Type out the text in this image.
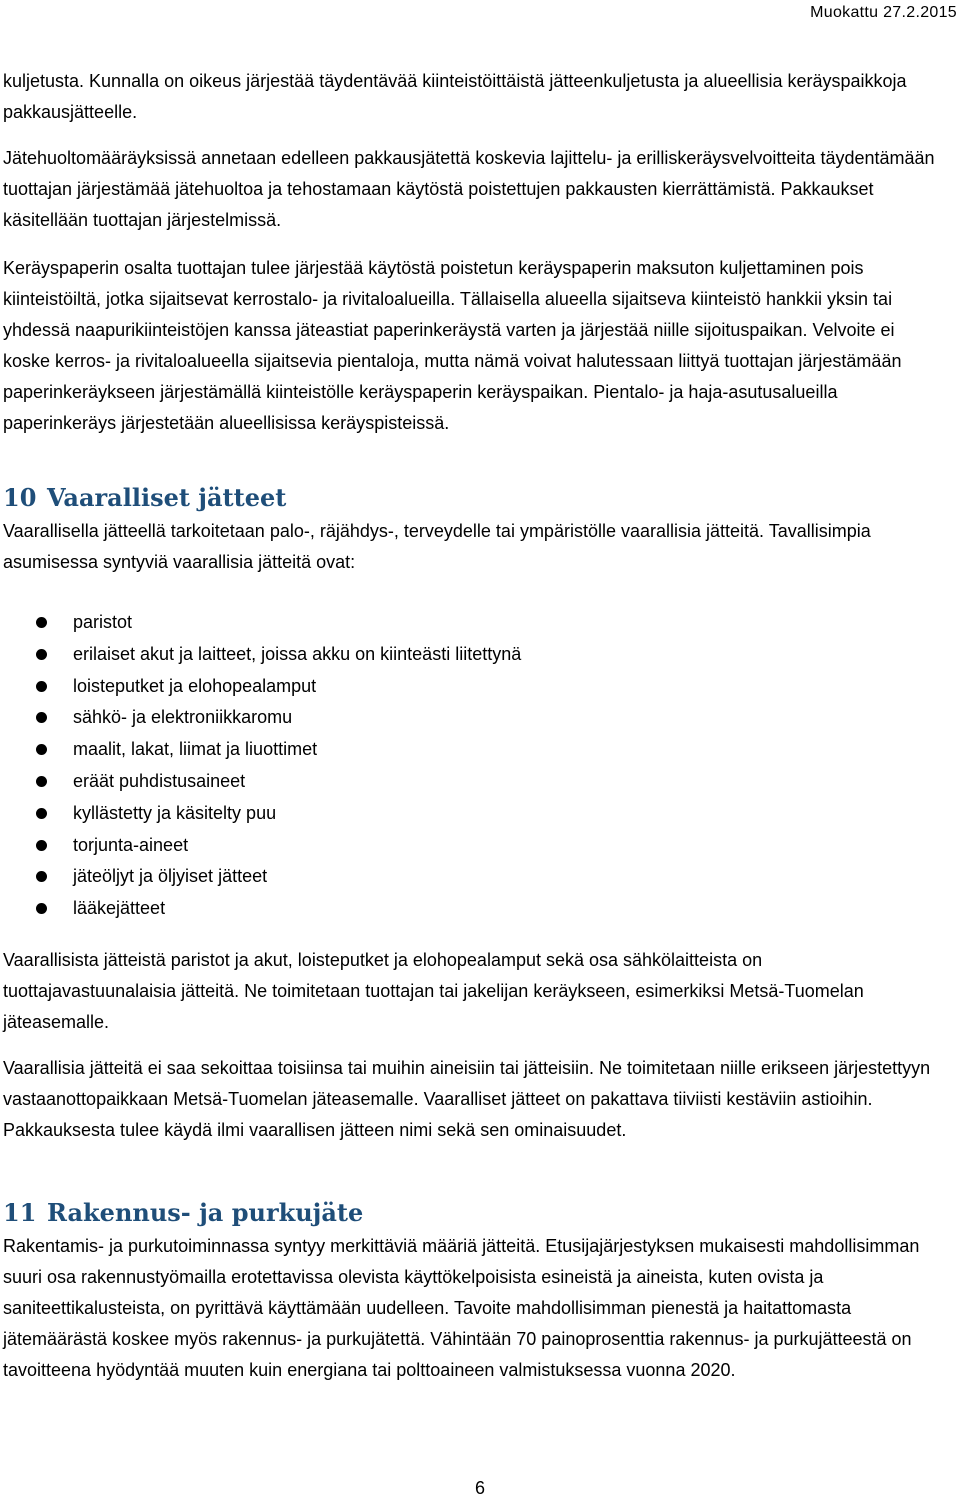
Muokattu 27.2.2015

kuljetusta. Kunnalla on oikeus järjestää täydentävää kiinteistöittäistä jätteenkuljetusta ja alueellisia keräyspaikkoja pakkausjätteelle.

Jätehuoltomääräyksissä annetaan edelleen pakkausjätettä koskevia lajittelu- ja erilliskeräysvelvoitteita täydentämään tuottajan järjestämää jätehuoltoa ja tehostamaan käytöstä poistettujen pakkausten kierrättämistä. Pakkaukset käsitellään tuottajan järjestelmissä.

Keräyspaperin osalta tuottajan tulee järjestää käytöstä poistetun keräyspaperin maksuton kuljettaminen pois kiinteistöiltä, jotka sijaitsevat kerrostalo- ja rivitaloalueilla. Tällaisella alueella sijaitseva kiinteistö hankkii yksin tai yhdessä naapurikiinteistöjen kanssa jäteastiat paperinkeräystä varten ja järjestää niille sijoituspaikan. Velvoite ei koske kerros- ja rivitaloalueella sijaitsevia pientaloja, mutta nämä voivat halutessaan liittyä tuottajan järjestämään paperinkeräykseen järjestämällä kiinteistölle keräyspaperin keräyspaikan. Pientalo- ja haja-asutusalueilla paperinkeräys järjestetään alueellisissa keräyspisteissä.

10 Vaaralliset jätteet

Vaarallisella jätteellä tarkoitetaan palo-, räjähdys-, terveydelle tai ympäristölle vaarallisia jätteitä. Tavallisimpia asumisessa syntyviä vaarallisia jätteitä ovat:

paristot
erilaiset akut ja laitteet, joissa akku on kiinteästi liitettynä
loisteputket ja elohopealamput
sähkö- ja elektroniikkaromu
maalit, lakat, liimat ja liuottimet
eräät puhdistusaineet
kyllästetty ja käsitelty puu
torjunta-aineet
jäteöljyt ja öljyiset jätteet
lääkejätteet

Vaarallisista jätteistä paristot ja akut, loisteputket ja elohopealamput sekä osa sähkölaitteista on tuottajavastuunalaisia jätteitä. Ne toimitetaan tuottajan tai jakelijan keräykseen, esimerkiksi Metsä-Tuomelan jäteasemalle.

Vaarallisia jätteitä ei saa sekoittaa toisiinsa tai muihin aineisiin tai jätteisiin. Ne toimitetaan niille erikseen järjestettyyn vastaanottopaikkaan Metsä-Tuomelan jäteasemalle. Vaaralliset jätteet on pakattava tiiviisti kestäviin astioihin. Pakkauksesta tulee käydä ilmi vaarallisen jätteen nimi sekä sen ominaisuudet.

11 Rakennus- ja purkujäte

Rakentamis- ja purkutoiminnassa syntyy merkittäviä määriä jätteitä. Etusijajärjestyksen mukaisesti mahdollisimman suuri osa rakennustyömailla erotettavissa olevista käyttökelpoisista esineistä ja aineista, kuten ovista ja saniteettikalusteista, on pyrittävä käyttämään uudelleen. Tavoite mahdollisimman pienestä ja haitattomasta jätemäärästä koskee myös rakennus- ja purkujätettä. Vähintään 70 painoprosenttia rakennus- ja purkujätteestä on tavoitteena hyödyntää muuten kuin energiana tai polttoaineen valmistuksessa vuonna 2020.

6
